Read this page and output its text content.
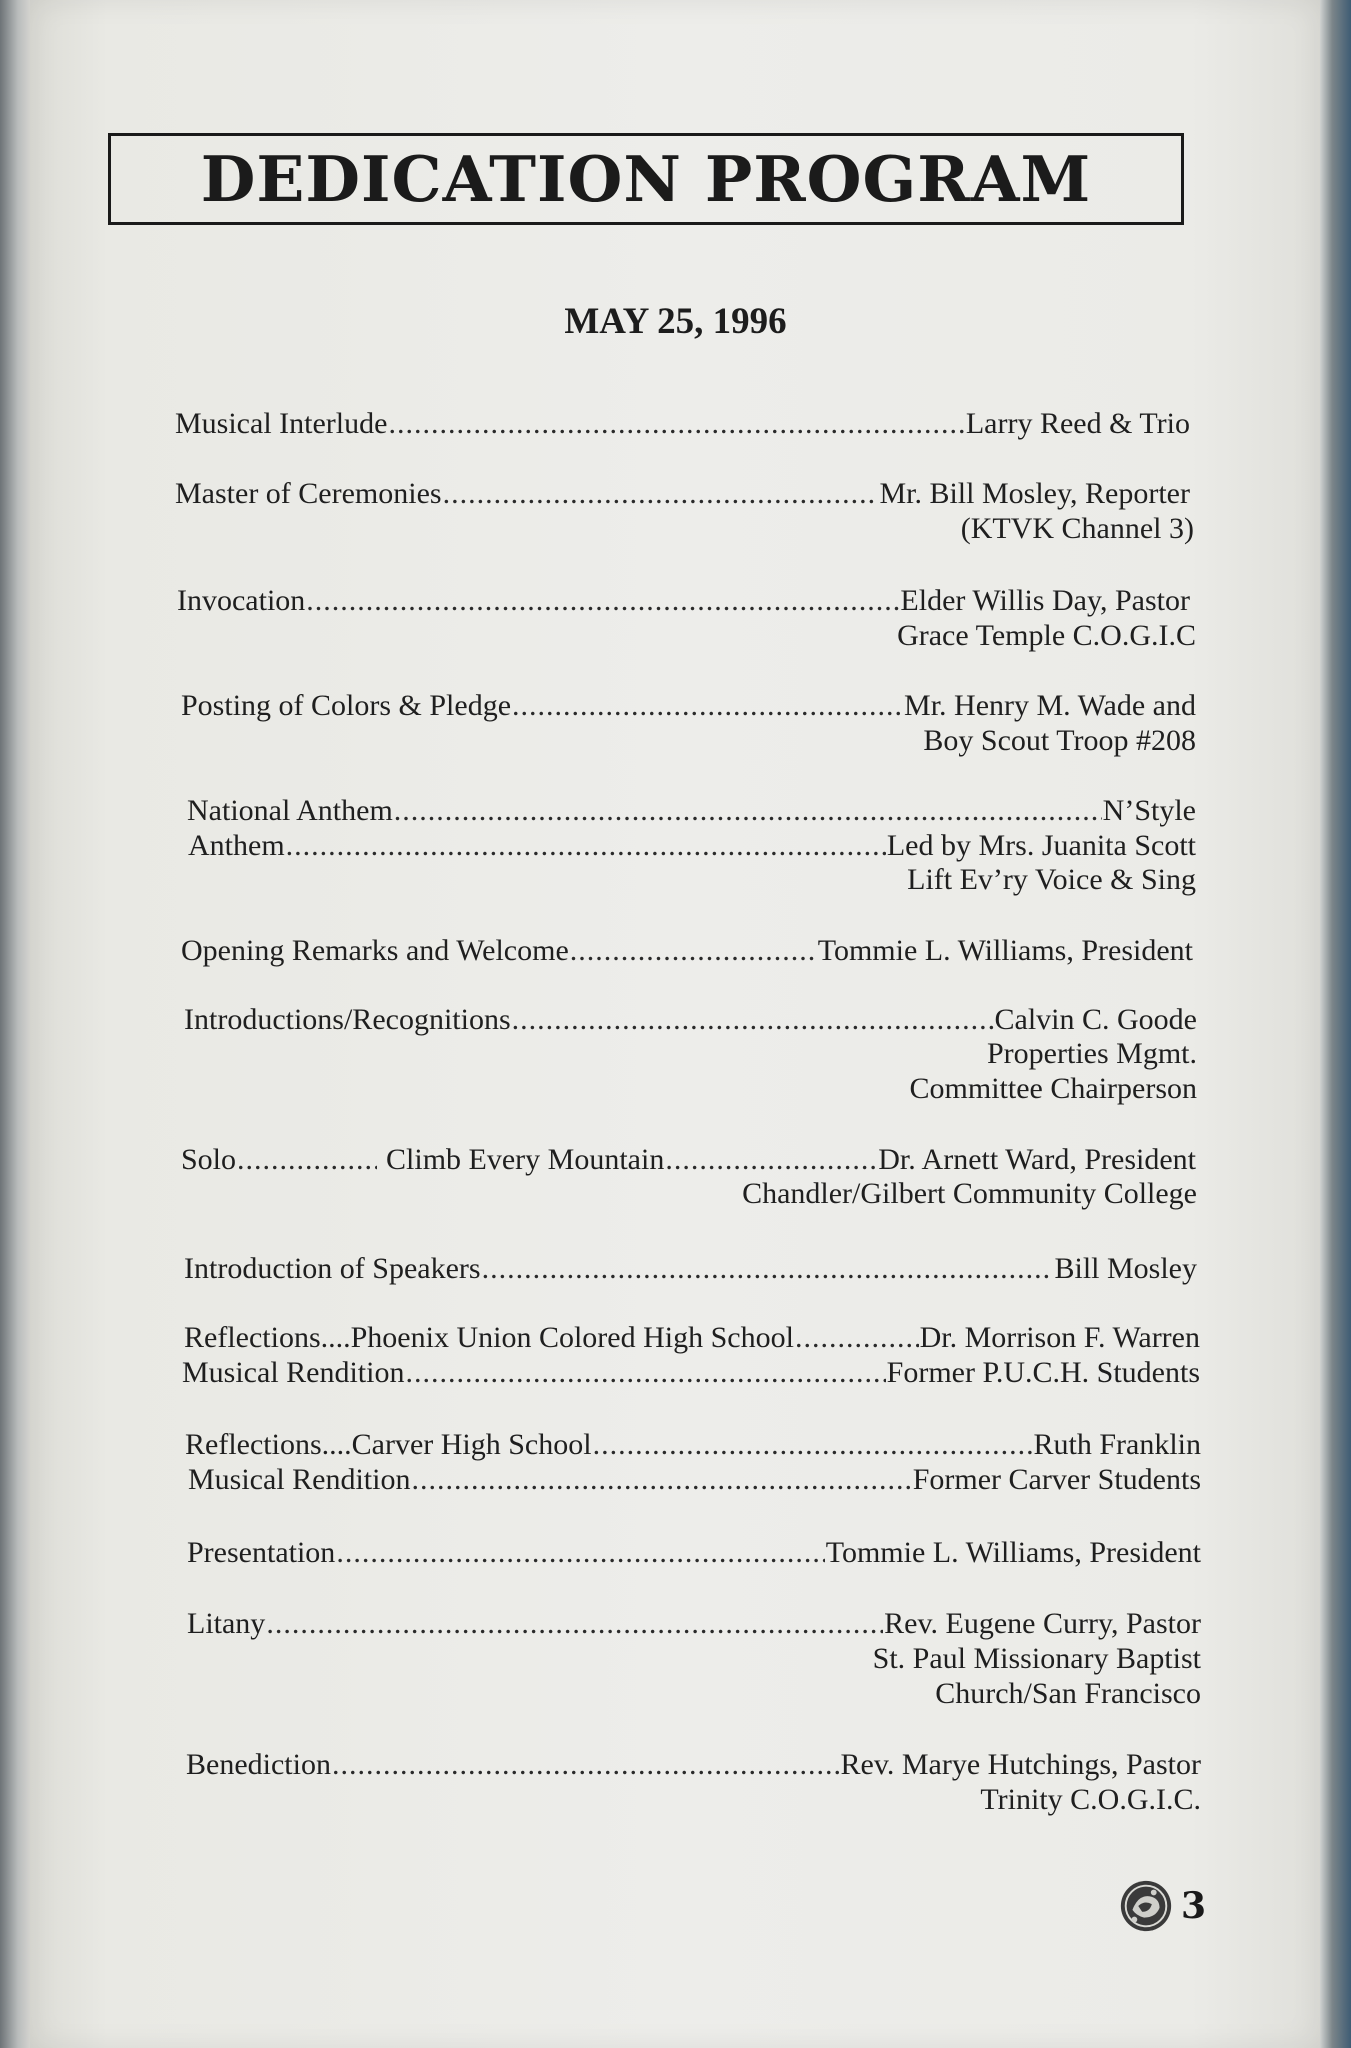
DEDICATION PROGRAM
MAY 25, 1996
Musical Interlude .....	Larry Reed & Trio
Master of Ceremonies .....	Mr. Bill Mosley, Reporter
(KTVK Channel 3)
Invocation .....	Elder Willis Day, Pastor
Grace Temple C.O.G.I.C
Posting of Colors & Pledge .....	Mr. Henry M. Wade and
Boy Scout Troop #208
National Anthem .....	N’Style
Anthem .....	Led by Mrs. Juanita Scott
Lift Ev’ry Voice & Sing
Opening Remarks and Welcome .....	Tommie L. Williams, President
Introductions/Recognitions .....	Calvin C. Goode
Properties Mgmt.
Committee Chairperson
Solo .....	Climb Every Mountain .....	Dr. Arnett Ward, President
Chandler/Gilbert Community College
Introduction of Speakers .....	Bill Mosley
Reflections....Phoenix Union Colored High School .....	Dr. Morrison F. Warren
Musical Rendition .....	Former P.U.C.H. Students
Reflections....Carver High School .....	Ruth Franklin
Musical Rendition .....	Former Carver Students
Presentation .....	Tommie L. Williams, President
Litany .....	Rev. Eugene Curry, Pastor
St. Paul Missionary Baptist
Church/San Francisco
Benediction .....	Rev. Marye Hutchings, Pastor
Trinity C.O.G.I.C.
3
